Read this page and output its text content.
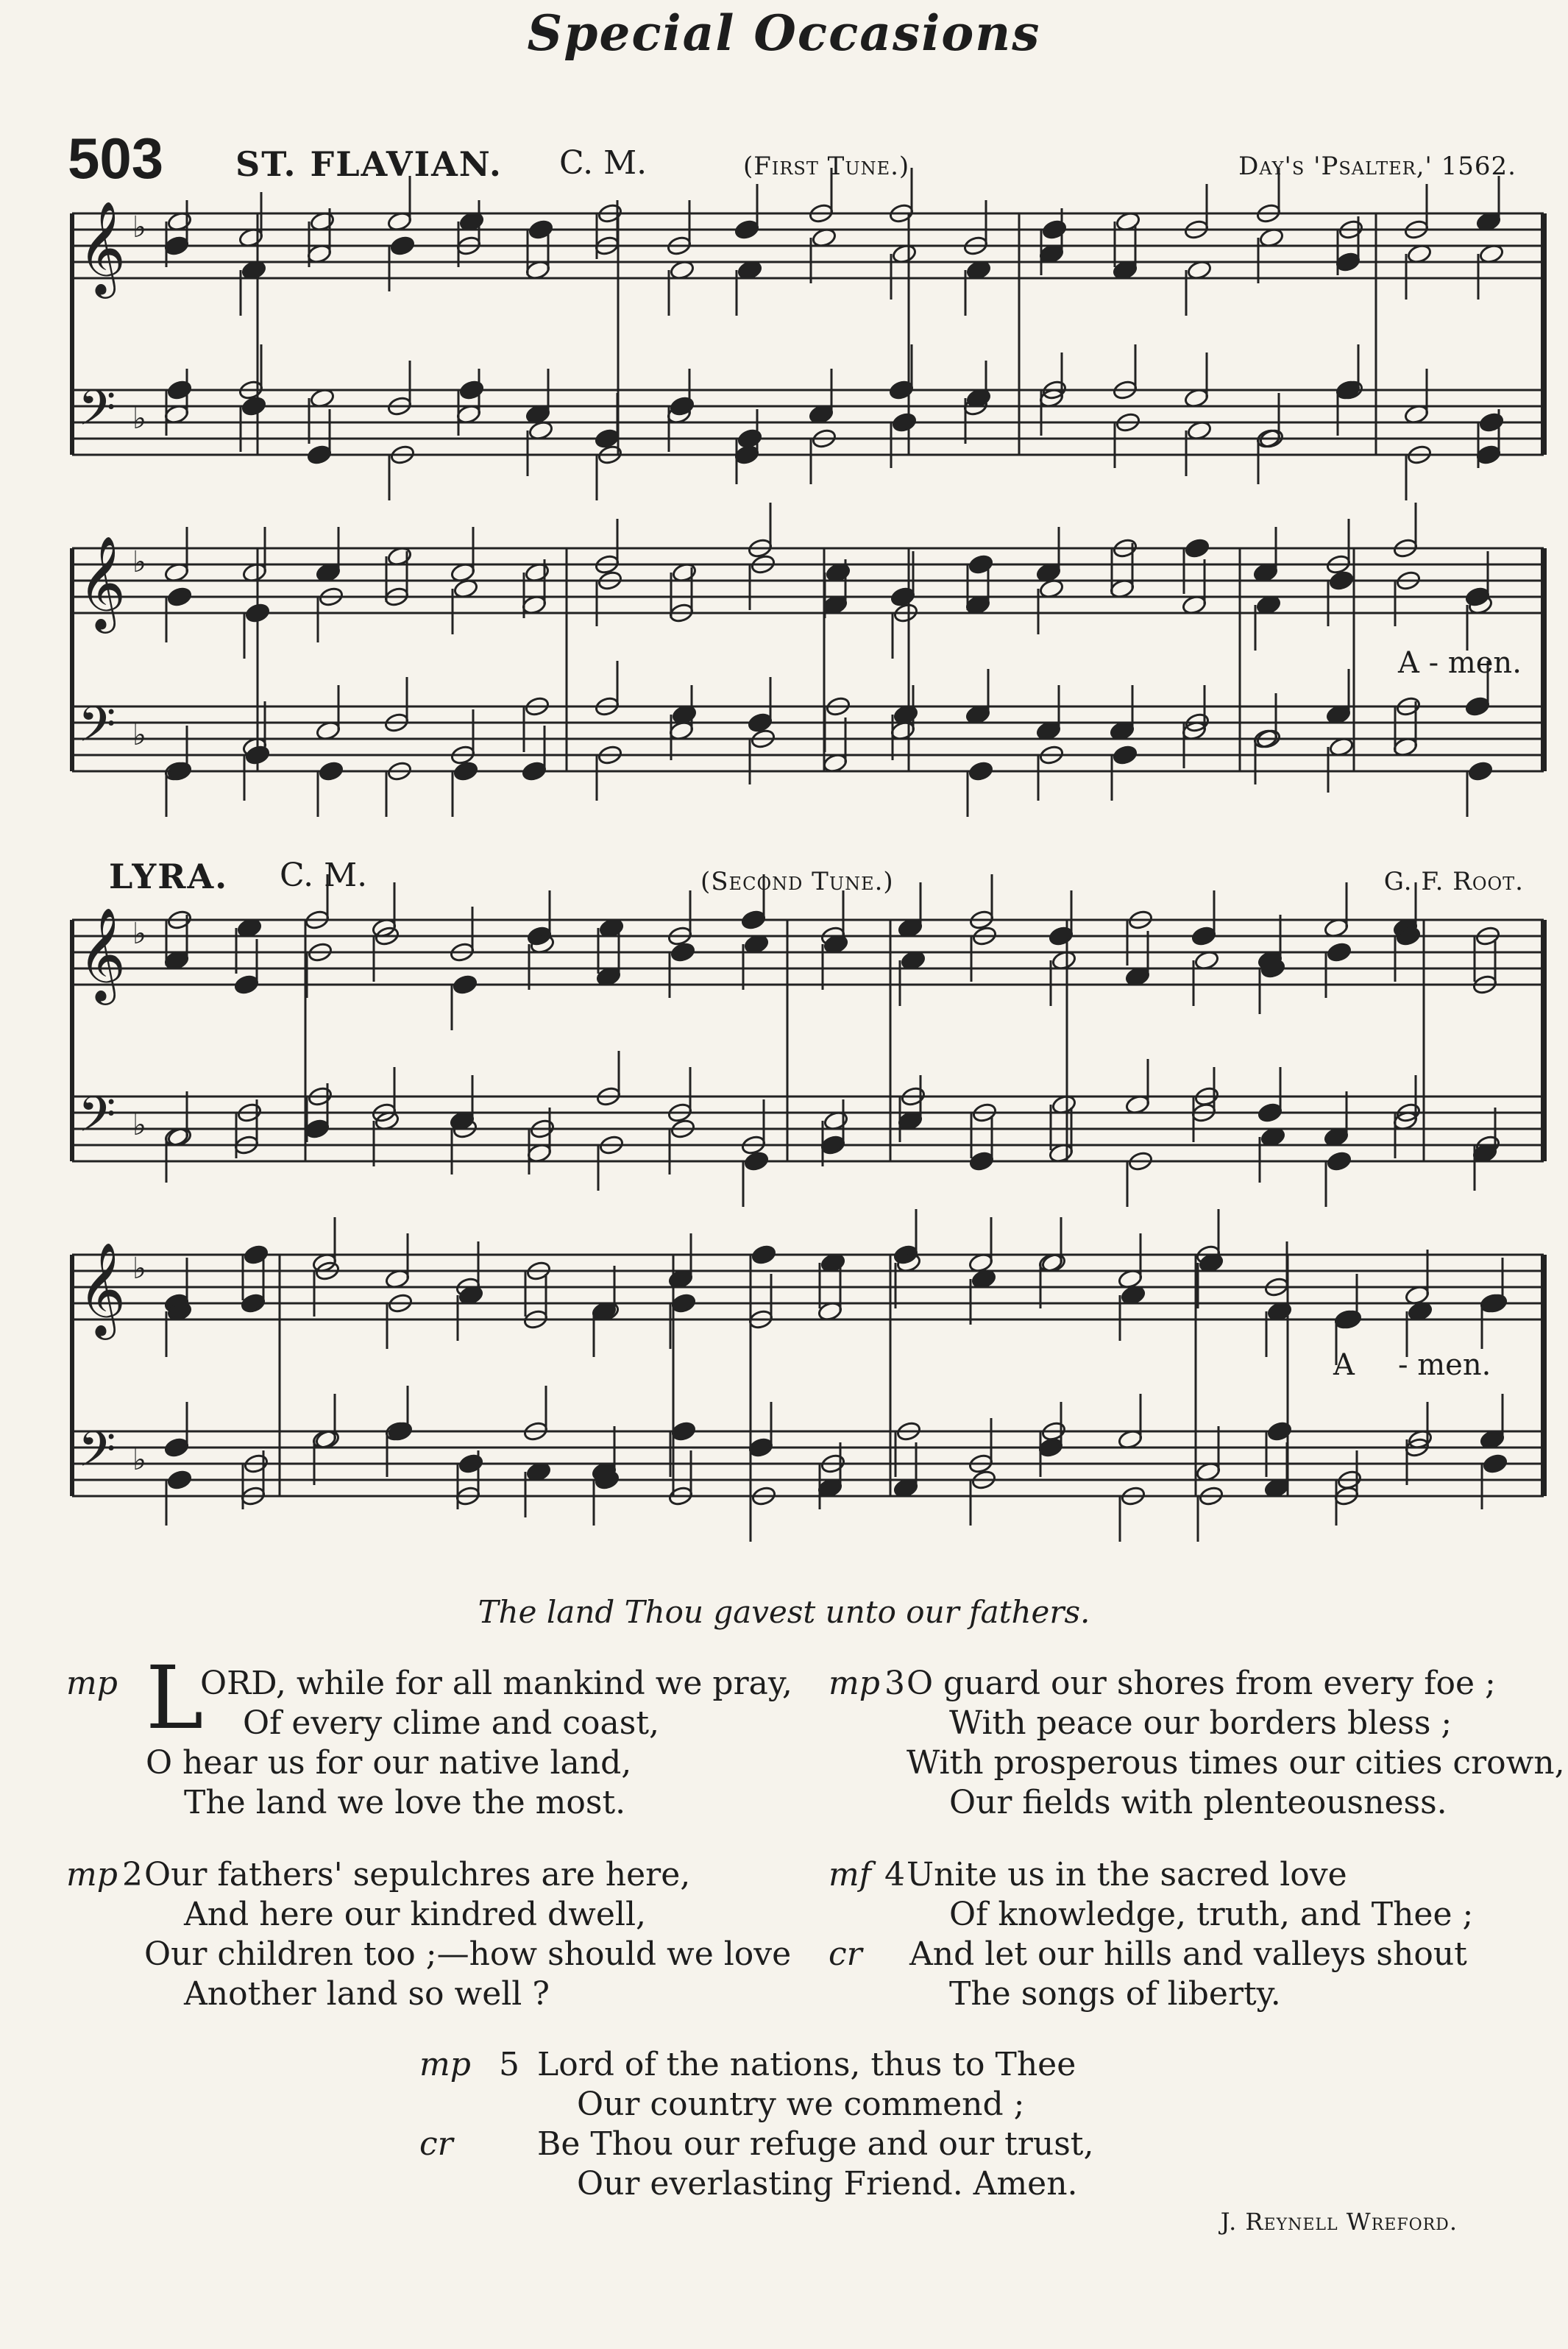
Special Occasions
503 ST. FLAVIAN. C. M.	(First Tune.)	Day's 'Psalter,' 1562.
𝄞
𝄢
♭
♭
𝄞
𝄢
♭
♭
𝄞
𝄢
♭
♭
𝄞
𝄢
♭
♭
A - men.
LYRA. C. M.	(Second Tune.)	G. F. Root.
A - men.
The land Thou gavest unto our fathers.
mp L
ORD, while for all mankind we pray,
Of every clime and coast,
O hear us for our native land,
The land we love the most.
mp 2 Our fathers' sepulchres are here,
And here our kindred dwell,
Our children too ;—how should we love
Another land so well ?
mp 3 O guard our shores from every foe ;
With peace our borders bless ;
With prosperous times our cities crown,
Our fields with plenteousness.
mf 4 Unite us in the sacred love
Of knowledge, truth, and Thee ;
cr And let our hills and valleys shout
The songs of liberty.
mp 5 Lord of the nations, thus to Thee
Our country we commend ;
cr	Be Thou our refuge and our trust,
Our everlasting Friend. Amen.
J. Reynell Wreford.
